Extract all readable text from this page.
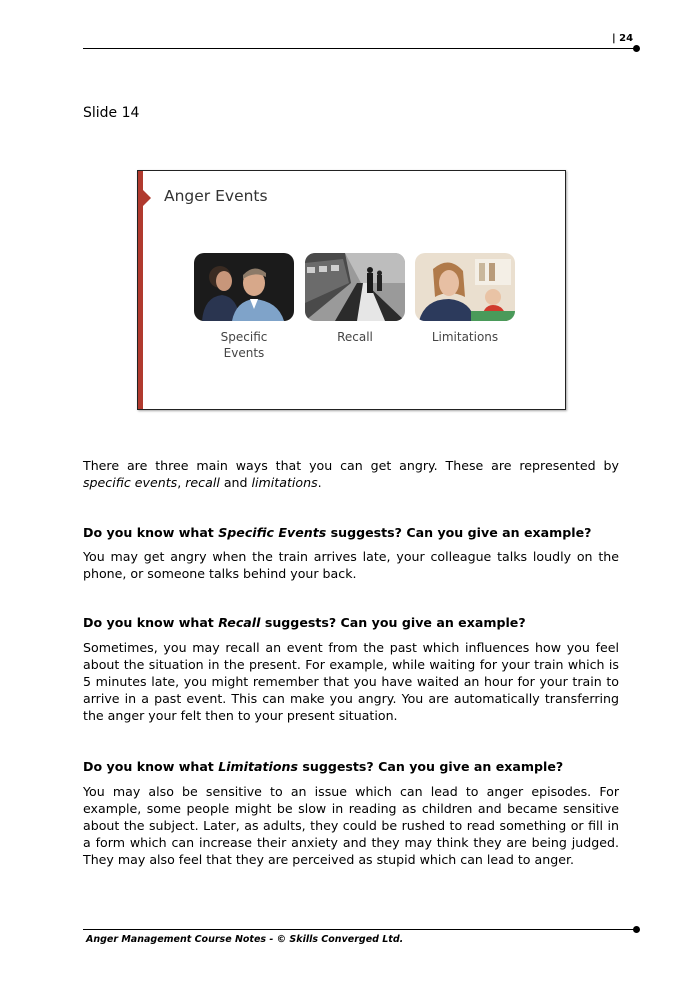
| 24
Slide 14
Anger Events
Specific
Events
Recall	Limitations
There are three main ways that you can get angry. These are represented by specific events, recall and limitations.
Do you know what Specific Events suggests? Can you give an example?
You may get angry when the train arrives late, your colleague talks loudly on the phone, or someone talks behind your back.
Do you know what Recall suggests? Can you give an example?
Sometimes, you may recall an event from the past which influences how you feel about the situation in the present. For example, while waiting for your train which is 5 minutes late, you might remember that you have waited an hour for your train to arrive in a past event. This can make you angry. You are automatically transferring the anger your felt then to your present situation.
Do you know what Limitations suggests? Can you give an example?
You may also be sensitive to an issue which can lead to anger episodes. For example, some people might be slow in reading as children and became sensitive about the subject. Later, as adults, they could be rushed to read something or fill in a form which can increase their anxiety and they may think they are being judged. They may also feel that they are perceived as stupid which can lead to anger.
Anger Management Course Notes - © Skills Converged Ltd.
